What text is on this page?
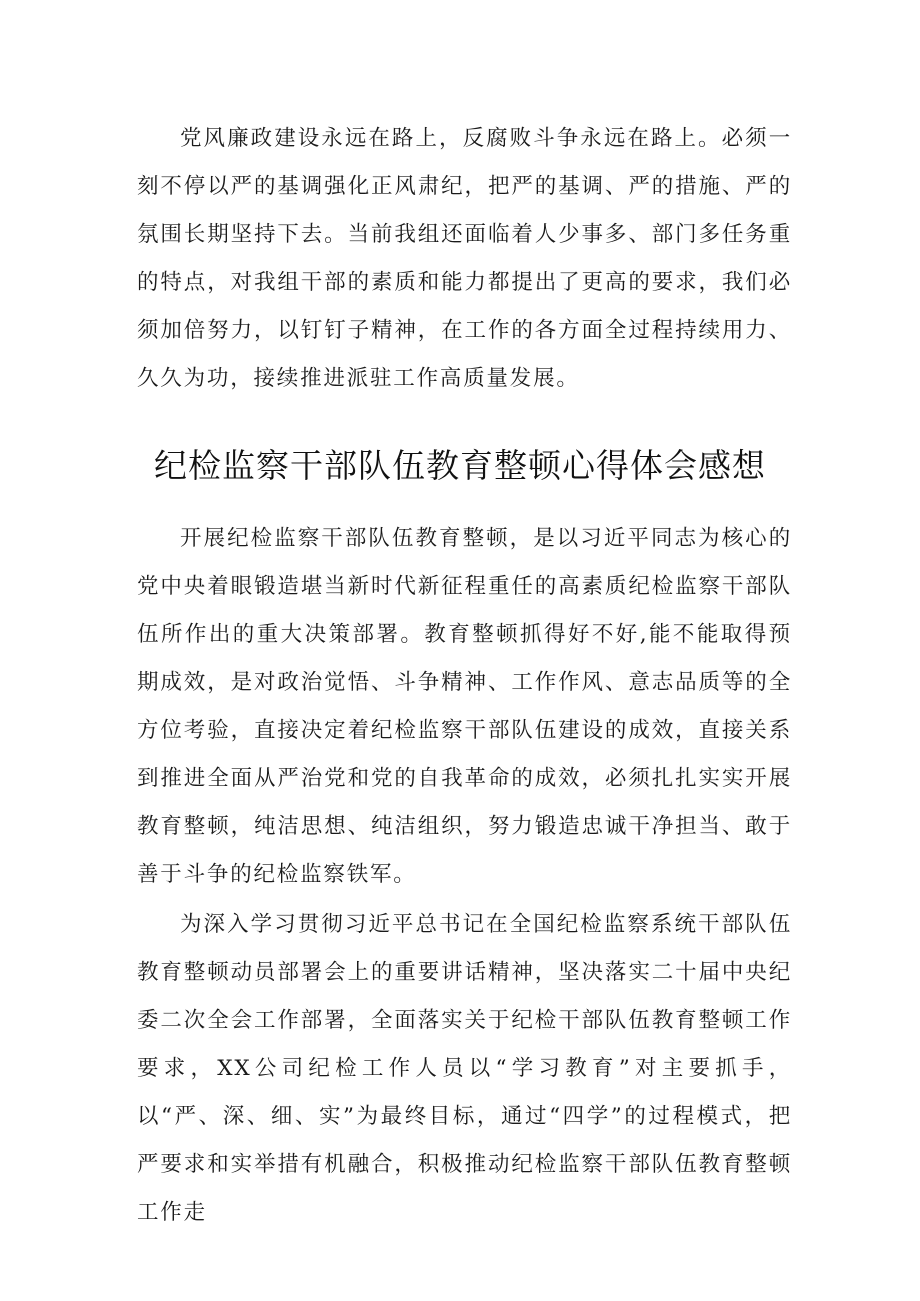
党风廉政建设永远在路上，反腐败斗争永远在路上。必须一刻不停以严的基调强化正风肃纪，把严的基调、严的措施、严的氛围长期坚持下去。当前我组还面临着人少事多、部门多任务重的特点，对我组干部的素质和能力都提出了更高的要求，我们必须加倍努力，以钉钉子精神，在工作的各方面全过程持续用力、久久为功，接续推进派驻工作高质量发展。

纪检监察干部队伍教育整顿心得体会感想

开展纪检监察干部队伍教育整顿，是以习近平同志为核心的党中央着眼锻造堪当新时代新征程重任的高素质纪检监察干部队伍所作出的重大决策部署。教育整顿抓得好不好,能不能取得预期成效，是对政治觉悟、斗争精神、工作作风、意志品质等的全方位考验，直接决定着纪检监察干部队伍建设的成效，直接关系到推进全面从严治党和党的自我革命的成效，必须扎扎实实开展教育整顿，纯洁思想、纯洁组织，努力锻造忠诚干净担当、敢于善于斗争的纪检监察铁军。

为深入学习贯彻习近平总书记在全国纪检监察系统干部队伍教育整顿动员部署会上的重要讲话精神，坚决落实二十届中央纪委二次全会工作部署，全面落实关于纪检干部队伍教育整顿工作要求，XX公司纪检工作人员以“学习教育”对主要抓手，以“严、深、细、实”为最终目标，通过“四学”的过程模式，把严要求和实举措有机融合，积极推动纪检监察干部队伍教育整顿工作走
